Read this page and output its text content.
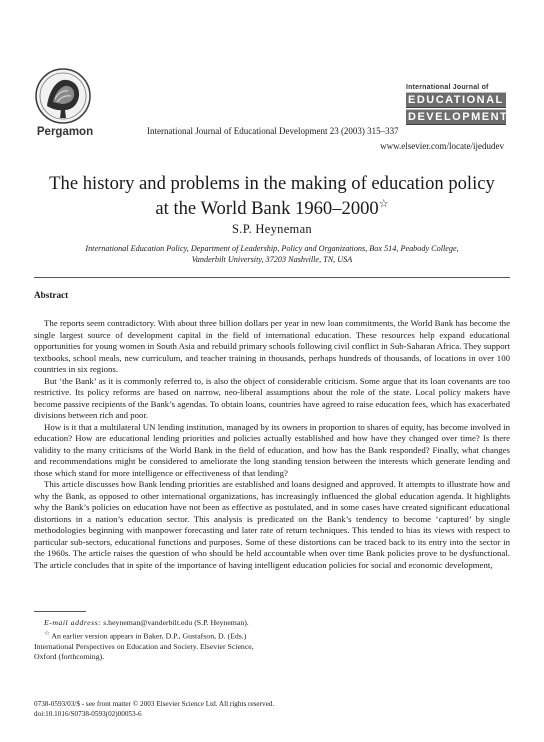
Pergamon	International Journal of Educational Development 23 (2003) 315–337
www.elsevier.com/locate/ijedudev
International Journal of
EDUCATIONAL
DEVELOPMENT
The history and problems in the making of education policy
at the World Bank 1960–2000☆
S.P. Heyneman
International Education Policy, Department of Leadership, Policy and Organizations, Box 514, Peabody College,
Vanderbilt University, 37203 Nashville, TN, USA
Abstract

The reports seem contradictory. With about three billion dollars per year in new loan commitments, the World Bank has become the single largest source of development capital in the field of international education. These resources help expand educational opportunities for young women in South Asia and rebuild primary schools following civil conflict in Sub-Saharan Africa. They support textbooks, school meals, new curriculum, and teacher training in thousands, perhaps hundreds of thousands, of locations in over 100 countries in six regions.

But ‘the Bank’ as it is commonly referred to, is also the object of considerable criticism. Some argue that its loan covenants are too restrictive. Its policy reforms are based on narrow, neo-liberal assumptions about the role of the state. Local policy makers have become passive recipients of the Bank’s agendas. To obtain loans, countries have agreed to raise education fees, which has exacerbated divisions between rich and poor.

How is it that a multilateral UN lending institution, managed by its owners in proportion to shares of equity, has become involved in education? How are educational lending priorities and policies actually established and how have they changed over time? Is there validity to the many criticisms of the World Bank in the field of education, and how has the Bank responded? Finally, what changes and recommendations might be considered to ameliorate the long standing tension between the interests which generate lending and those which stand for more intelligence or effectiveness of that lending?

This article discusses how Bank lending priorities are established and loans designed and approved. It attempts to illustrate how and why the Bank, as opposed to other international organizations, has increasingly influenced the global education agenda. It highlights why the Bank’s policies on education have not been as effective as postulated, and in some cases have created significant educational distortions in a nation’s education sector. This analysis is predicated on the Bank’s tendency to become ‘captured’ by single methodologies beginning with manpower forecasting and later rate of return techniques. This tended to bias its views with respect to particular sub-sectors, educational functions and purposes. Some of these distortions can be traced back to its entry into the sector in the 1960s. The article raises the question of who should be held accountable when over time Bank policies prove to be dysfunctional. The article concludes that in spite of the importance of having intelligent education policies for social and economic development,

E-mail address: s.heyneman@vanderbilt.edu (S.P. Heyneman).
☆ An earlier version appears in Baker, D.P., Gustafson, D. (Eds.) International Perspectives on Education and Society. Elsevier Science, Oxford (forthcoming).
0738-0593/03/$ - see front matter © 2003 Elsevier Science Ltd. All rights reserved.
doi:10.1016/S0738-0593(02)00053-6
